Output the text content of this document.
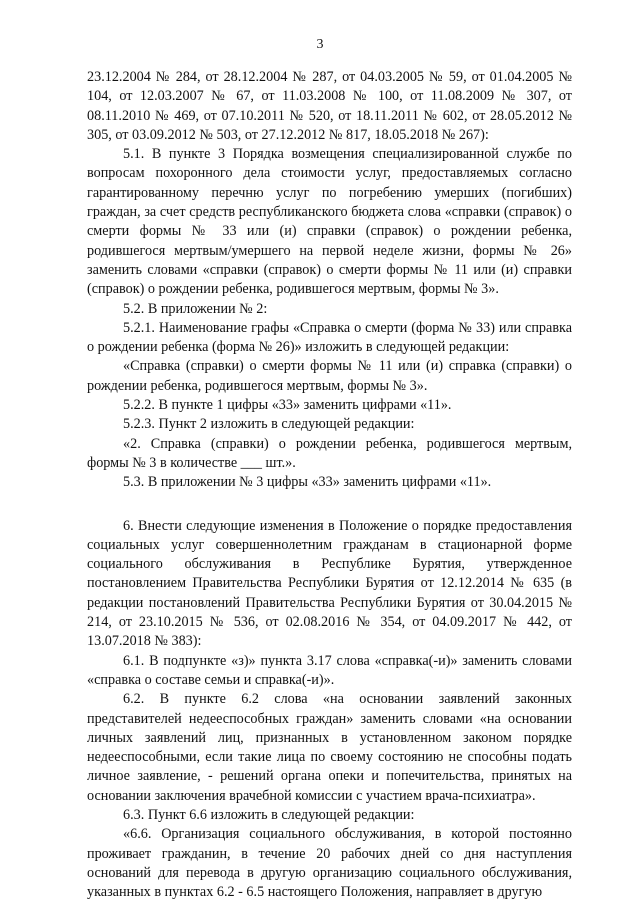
3

23.12.2004 № 284, от 28.12.2004 № 287, от 04.03.2005 № 59, от 01.04.2005 № 104, от 12.03.2007 № 67, от 11.03.2008 № 100, от 11.08.2009 № 307, от 08.11.2010 № 469, от 07.10.2011 № 520, от 18.11.2011 № 602, от 28.05.2012 № 305, от 03.09.2012 № 503, от 27.12.2012 № 817, 18.05.2018 № 267):

5.1. В пункте 3 Порядка возмещения специализированной службе по вопросам похоронного дела стоимости услуг, предоставляемых согласно гарантированному перечню услуг по погребению умерших (погибших) граждан, за счет средств республиканского бюджета слова «справки (справок) о смерти формы № 33 или (и) справки (справок) о рождении ребенка, родившегося мертвым/умершего на первой неделе жизни, формы № 26» заменить словами «справки (справок) о смерти формы № 11 или (и) справки (справок) о рождении ребенка, родившегося мертвым, формы № 3».

5.2. В приложении № 2:

5.2.1. Наименование графы «Справка о смерти (форма № 33) или справка о рождении ребенка (форма № 26)» изложить в следующей редакции:

«Справка (справки) о смерти формы № 11 или (и) справка (справки) о рождении ребенка, родившегося мертвым, формы № 3».

5.2.2. В пункте 1 цифры «33» заменить цифрами «11».

5.2.3. Пункт 2 изложить в следующей редакции:

«2. Справка (справки) о рождении ребенка, родившегося мертвым, формы № 3 в количестве ___ шт.».

5.3. В приложении № 3 цифры «33» заменить цифрами «11».

6. Внести следующие изменения в Положение о порядке предоставления социальных услуг совершеннолетним гражданам в стационарной форме социального обслуживания в Республике Бурятия, утвержденное постановлением Правительства Республики Бурятия от 12.12.2014 № 635 (в редакции постановлений Правительства Республики Бурятия от 30.04.2015 № 214, от 23.10.2015 № 536, от 02.08.2016 № 354, от 04.09.2017 № 442, от 13.07.2018 № 383):

6.1. В подпункте «з)» пункта 3.17 слова «справка(-и)» заменить словами «справка о составе семьи и справка(-и)».

6.2. В пункте 6.2 слова «на основании заявлений законных представителей недееспособных граждан» заменить словами «на основании личных заявлений лиц, признанных в установленном законом порядке недееспособными, если такие лица по своему состоянию не способны подать личное заявление, - решений органа опеки и попечительства, принятых на основании заключения врачебной комиссии с участием врача-психиатра».

6.3. Пункт 6.6 изложить в следующей редакции:

«6.6. Организация социального обслуживания, в которой постоянно проживает гражданин, в течение 20 рабочих дней со дня наступления оснований для перевода в другую организацию социального обслуживания, указанных в пунктах 6.2 - 6.5 настоящего Положения, направляет в другую
